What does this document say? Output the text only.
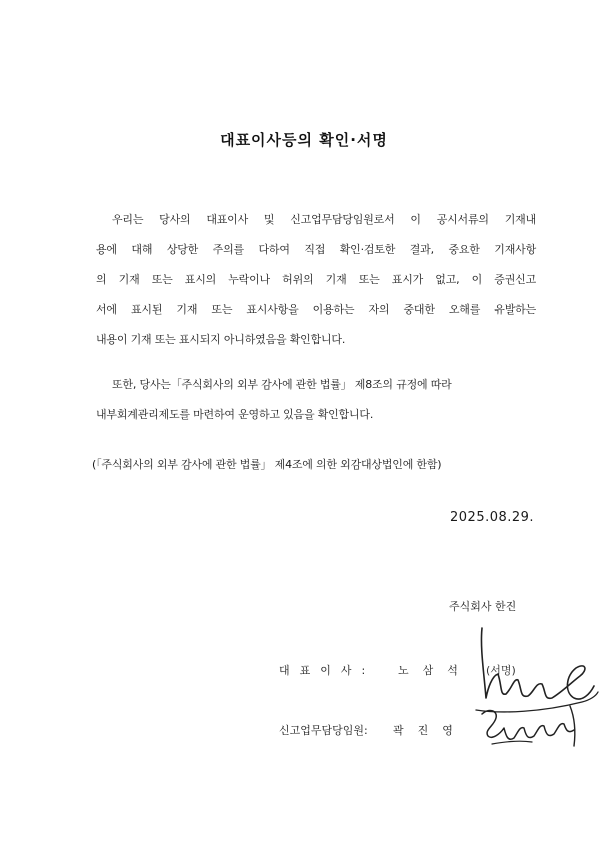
대표이사등의 확인·서명
우리는 당사의 대표이사 및 신고업무담당임원로서 이 공시서류의 기재내
용에 대해 상당한 주의를 다하여 직접 확인·검토한 결과, 중요한 기재사항
의 기재 또는 표시의 누락이나 허위의 기재 또는 표시가 없고, 이 증권신고
서에 표시된 기재 또는 표시사항을 이용하는 자의 중대한 오해를 유발하는
내용이 기재 또는 표시되지 아니하였음을 확인합니다.
또한, 당사는「주식회사의 외부 감사에 관한 법률」 제8조의 규정에 따라
내부회계관리제도를 마련하여 운영하고 있음을 확인합니다.
(「주식회사의 외부 감사에 관한 법률」 제4조에 의한 외감대상법인에 한함)
2025.08.29.
주식회사 한진
대표이사: 노삼석 (서명)
신고업무담당임원: 곽진영
